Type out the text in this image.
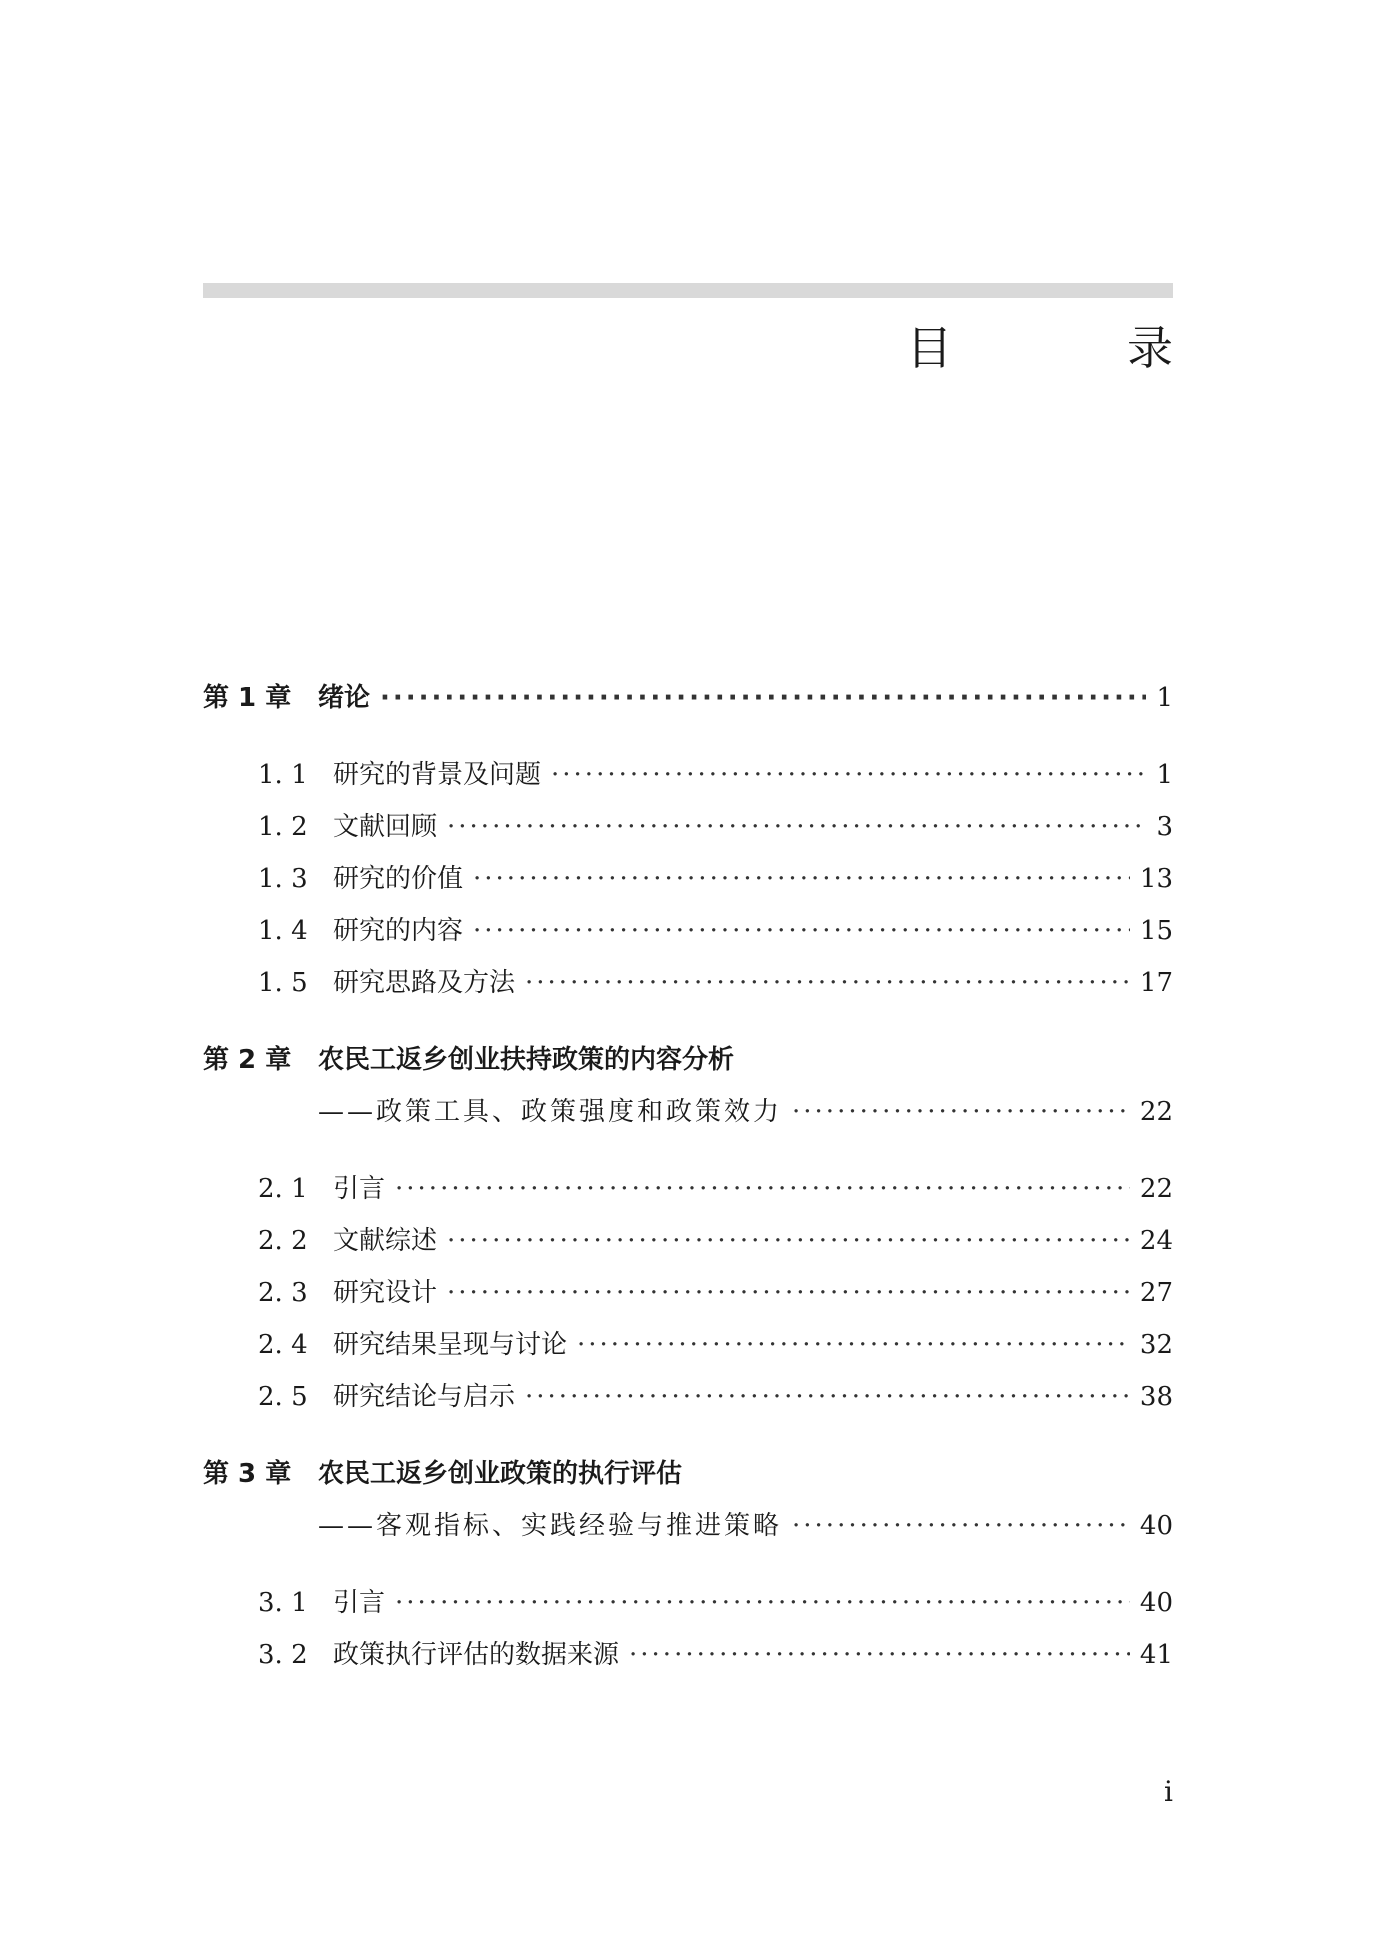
目 录
第 1 章	绪论 ·····	1
1. 1 研究的背景及问题 ·····	1
1. 2 文献回顾 ·····	3
1. 3 研究的价值 ·····	13
1. 4 研究的内容 ·····	15
1. 5 研究思路及方法 ·····	17
第 2 章	农民工返乡创业扶持政策的内容分析
——政策工具、政策强度和政策效力 ·····	22
2. 1 引言 ·····	22
2. 2 文献综述 ·····	24
2. 3 研究设计 ·····	27
2. 4 研究结果呈现与讨论 ·····	32
2. 5 研究结论与启示 ·····	38
第 3 章	农民工返乡创业政策的执行评估
——客观指标、实践经验与推进策略 ·····	40
3. 1 引言 ·····	40
3. 2 政策执行评估的数据来源 ·····	41
i
